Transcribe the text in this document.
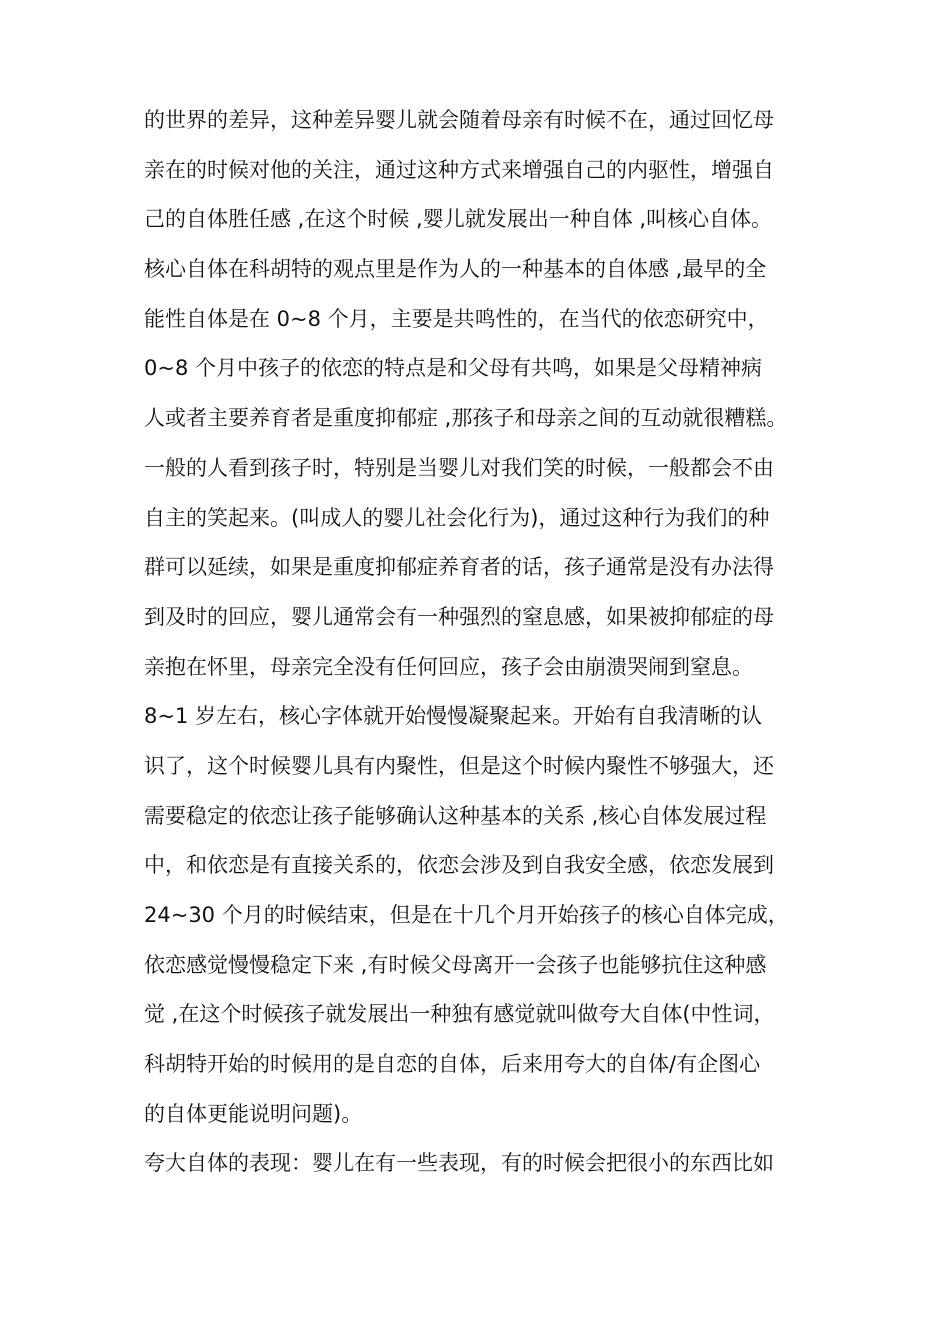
的世界的差异，这种差异婴儿就会随着母亲有时候不在，通过回忆母
亲在的时候对他的关注，通过这种方式来增强自己的内驱性，增强自
己的自体胜任感 ,在这个时候 ,婴儿就发展出一种自体 ,叫核心自体。
核心自体在科胡特的观点里是作为人的一种基本的自体感 ,最早的全
能性自体是在 0~8 个月，主要是共鸣性的，在当代的依恋研究中，
0~8 个月中孩子的依恋的特点是和父母有共鸣，如果是父母精神病
人或者主要养育者是重度抑郁症 ,那孩子和母亲之间的互动就很糟糕。
一般的人看到孩子时，特别是当婴儿对我们笑的时候，一般都会不由
自主的笑起来。(叫成人的婴儿社会化行为)，通过这种行为我们的种
群可以延续，如果是重度抑郁症养育者的话，孩子通常是没有办法得
到及时的回应，婴儿通常会有一种强烈的窒息感，如果被抑郁症的母
亲抱在怀里，母亲完全没有任何回应，孩子会由崩溃哭闹到窒息。
8~1 岁左右，核心字体就开始慢慢凝聚起来。开始有自我清晰的认
识了，这个时候婴儿具有内聚性，但是这个时候内聚性不够强大，还
需要稳定的依恋让孩子能够确认这种基本的关系 ,核心自体发展过程
中，和依恋是有直接关系的，依恋会涉及到自我安全感，依恋发展到
24~30 个月的时候结束，但是在十几个月开始孩子的核心自体完成，
依恋感觉慢慢稳定下来 ,有时候父母离开一会孩子也能够抗住这种感
觉 ,在这个时候孩子就发展出一种独有感觉就叫做夸大自体(中性词，
科胡特开始的时候用的是自恋的自体，后来用夸大的自体/有企图心
的自体更能说明问题)。
夸大自体的表现：婴儿在有一些表现，有的时候会把很小的东西比如
